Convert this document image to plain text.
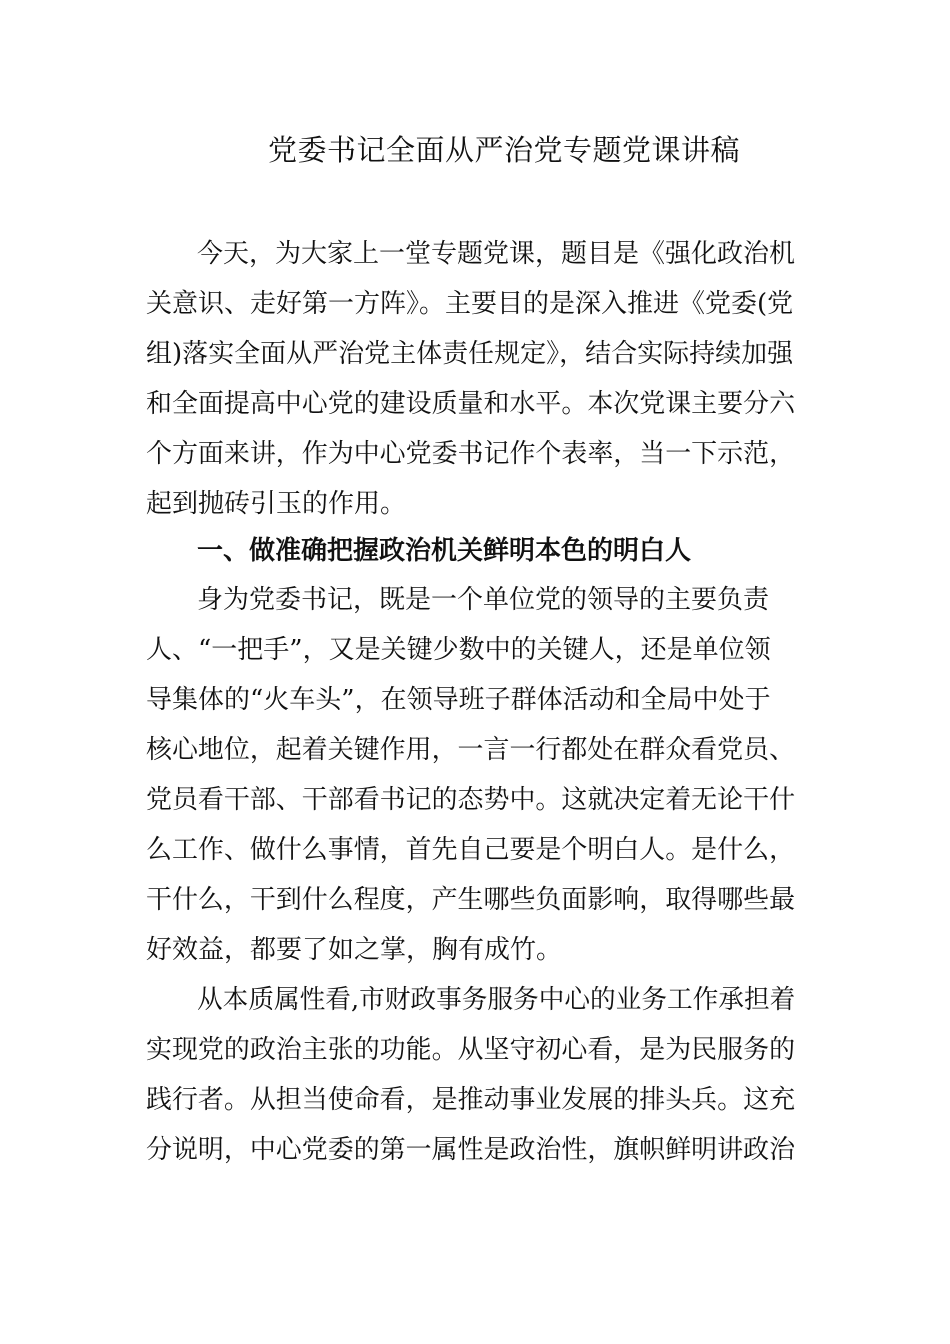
党委书记全面从严治党专题党课讲稿
今天，为大家上一堂专题党课，题目是《强化政治机
关意识、走好第一方阵》。主要目的是深入推进《党委(党
组)落实全面从严治党主体责任规定》，结合实际持续加强
和全面提高中心党的建设质量和水平。本次党课主要分六
个方面来讲，作为中心党委书记作个表率，当一下示范，
起到抛砖引玉的作用。
一、做准确把握政治机关鲜明本色的明白人
身为党委书记，既是一个单位党的领导的主要负责
人、“一把手”，又是关键少数中的关键人，还是单位领
导集体的“火车头”，在领导班子群体活动和全局中处于
核心地位，起着关键作用，一言一行都处在群众看党员、
党员看干部、干部看书记的态势中。这就决定着无论干什
么工作、做什么事情，首先自己要是个明白人。是什么，
干什么，干到什么程度，产生哪些负面影响，取得哪些最
好效益，都要了如之掌，胸有成竹。
从本质属性看,市财政事务服务中心的业务工作承担着
实现党的政治主张的功能。从坚守初心看，是为民服务的
践行者。从担当使命看，是推动事业发展的排头兵。这充
分说明，中心党委的第一属性是政治性，旗帜鲜明讲政治
